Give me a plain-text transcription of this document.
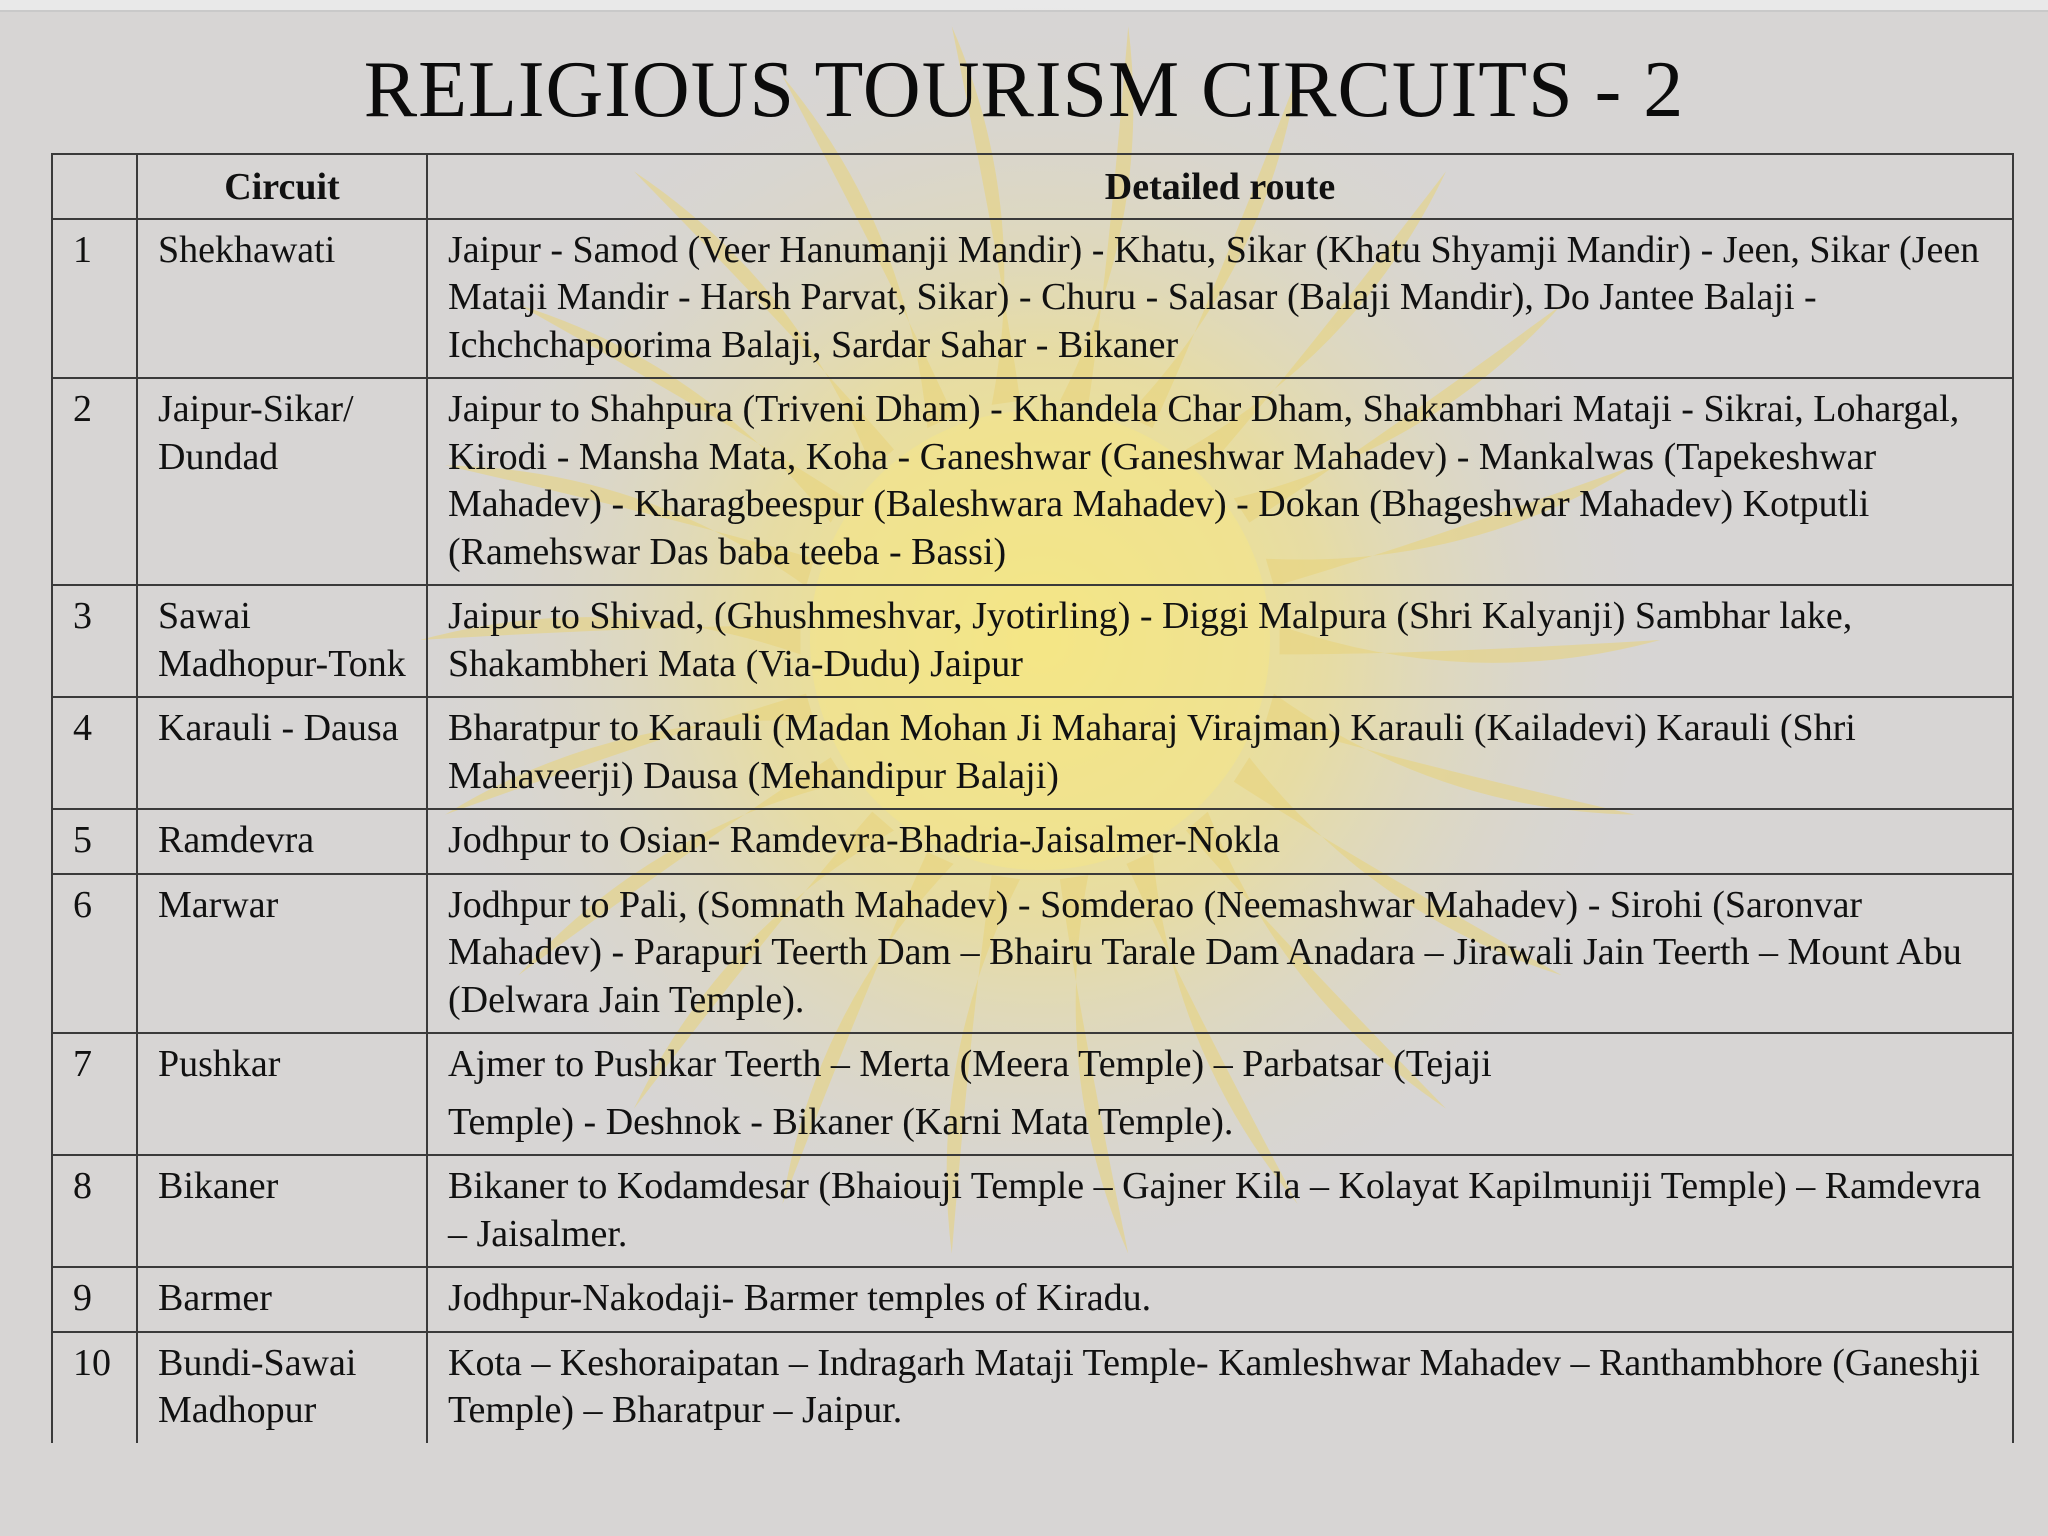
RELIGIOUS TOURISM CIRCUITS - 2
	Circuit	Detailed route
1	Shekhawati	Jaipur - Samod (Veer Hanumanji Mandir) - Khatu, Sikar (Khatu Shyamji Mandir) - Jeen, Sikar (Jeen Mataji Mandir - Harsh Parvat, Sikar) - Churu - Salasar (Balaji Mandir), Do Jantee Balaji - Ichchchapoorima Balaji, Sardar Sahar - Bikaner
2	Jaipur-Sikar/ Dundad	Jaipur to Shahpura (Triveni Dham) - Khandela Char Dham, Shakambhari Mataji - Sikrai, Lohargal, Kirodi - Mansha Mata, Koha - Ganeshwar (Ganeshwar Mahadev) - Mankalwas (Tapekeshwar Mahadev) - Kharagbeespur (Baleshwara Mahadev) - Dokan (Bhageshwar Mahadev) Kotputli (Ramehswar Das baba teeba - Bassi)
3	Sawai Madhopur-Tonk	Jaipur to Shivad, (Ghushmeshvar, Jyotirling) - Diggi Malpura (Shri Kalyanji) Sambhar lake, Shakambheri Mata (Via-Dudu) Jaipur
4	Karauli - Dausa	Bharatpur to Karauli (Madan Mohan Ji Maharaj Virajman) Karauli (Kailadevi) Karauli (Shri Mahaveerji) Dausa (Mehandipur Balaji)
5	Ramdevra	Jodhpur to Osian- Ramdevra-Bhadria-Jaisalmer-Nokla
6	Marwar	Jodhpur to Pali, (Somnath Mahadev) - Somderao (Neemashwar Mahadev) - Sirohi (Saronvar Mahadev) - Parapuri Teerth Dam – Bhairu Tarale Dam Anadara – Jirawali Jain Teerth – Mount Abu (Delwara Jain Temple).
7	Pushkar	Ajmer to Pushkar Teerth – Merta (Meera Temple) – Parbatsar (Tejaji
Temple) - Deshnok - Bikaner (Karni Mata Temple).

8	Bikaner	Bikaner to Kodamdesar (Bhaiouji Temple – Gajner Kila – Kolayat Kapilmuniji Temple) – Ramdevra – Jaisalmer.
9	Barmer	Jodhpur-Nakodaji- Barmer temples of Kiradu.
10	Bundi-Sawai Madhopur	Kota – Keshoraipatan – Indragarh Mataji Temple- Kamleshwar Mahadev – Ranthambhore (Ganeshji Temple) – Bharatpur – Jaipur.
